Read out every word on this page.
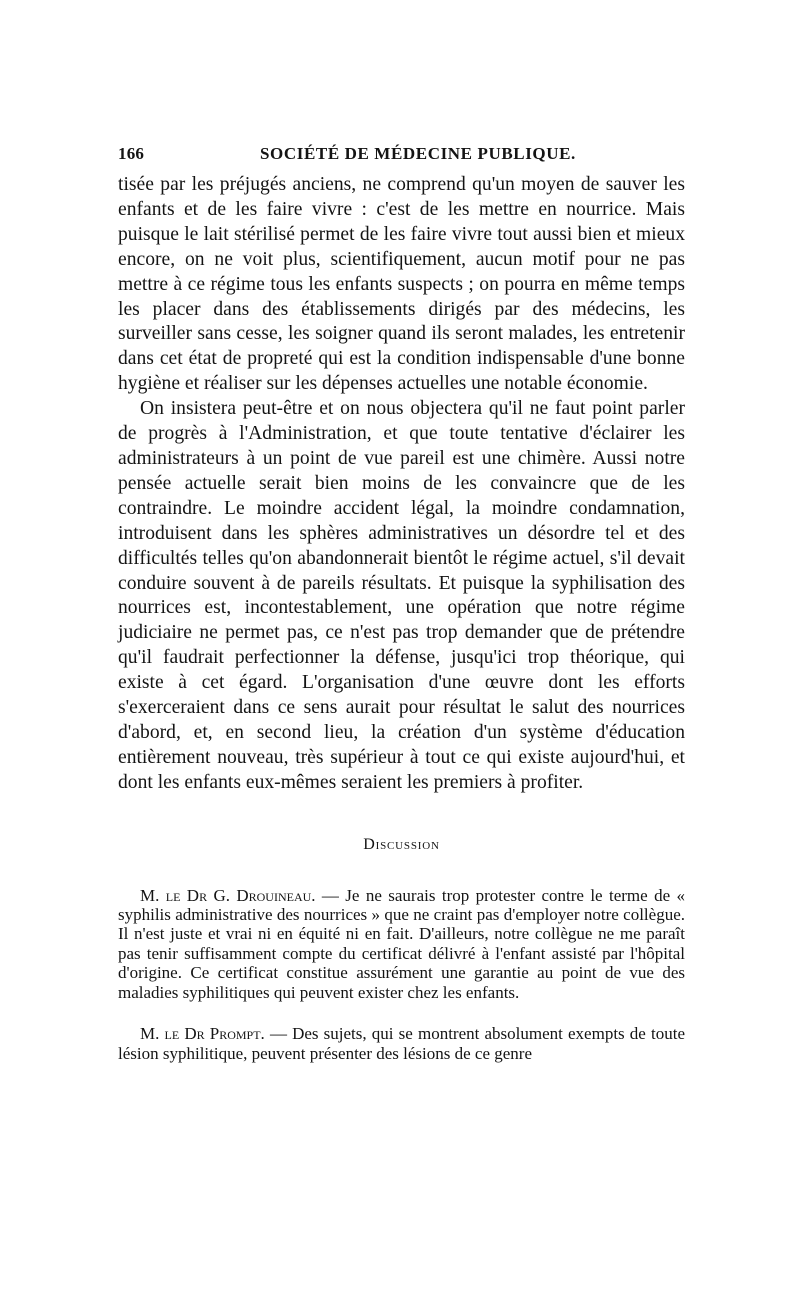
166	SOCIÉTÉ DE MÉDECINE PUBLIQUE.

tisée par les préjugés anciens, ne comprend qu'un moyen de sauver les enfants et de les faire vivre : c'est de les mettre en nourrice. Mais puisque le lait stérilisé permet de les faire vivre tout aussi bien et mieux encore, on ne voit plus, scientifiquement, aucun motif pour ne pas mettre à ce régime tous les enfants suspects ; on pourra en même temps les placer dans des établissements dirigés par des médecins, les surveiller sans cesse, les soigner quand ils seront malades, les entretenir dans cet état de propreté qui est la condition indispensable d'une bonne hygiène et réaliser sur les dépenses actuelles une notable économie.

On insistera peut-être et on nous objectera qu'il ne faut point parler de progrès à l'Administration, et que toute tentative d'éclairer les administrateurs à un point de vue pareil est une chimère. Aussi notre pensée actuelle serait bien moins de les convaincre que de les contraindre. Le moindre accident légal, la moindre condamnation, introduisent dans les sphères administratives un désordre tel et des difficultés telles qu'on abandonnerait bientôt le régime actuel, s'il devait conduire souvent à de pareils résultats. Et puisque la syphilisation des nourrices est, incontestablement, une opération que notre régime judiciaire ne permet pas, ce n'est pas trop demander que de prétendre qu'il faudrait perfectionner la défense, jusqu'ici trop théorique, qui existe à cet égard. L'organisation d'une œuvre dont les efforts s'exerceraient dans ce sens aurait pour résultat le salut des nourrices d'abord, et, en second lieu, la création d'un système d'éducation entièrement nouveau, très supérieur à tout ce qui existe aujourd'hui, et dont les enfants eux-mêmes seraient les premiers à profiter.

Discussion

M. le Dr G. Drouineau. — Je ne saurais trop protester contre le terme de « syphilis administrative des nourrices » que ne craint pas d'employer notre collègue. Il n'est juste et vrai ni en équité ni en fait. D'ailleurs, notre collègue ne me paraît pas tenir suffisamment compte du certificat délivré à l'enfant assisté par l'hôpital d'origine. Ce certificat constitue assurément une garantie au point de vue des maladies syphilitiques qui peuvent exister chez les enfants.

M. le Dr Prompt. — Des sujets, qui se montrent absolument exempts de toute lésion syphilitique, peuvent présenter des lésions de ce genre
